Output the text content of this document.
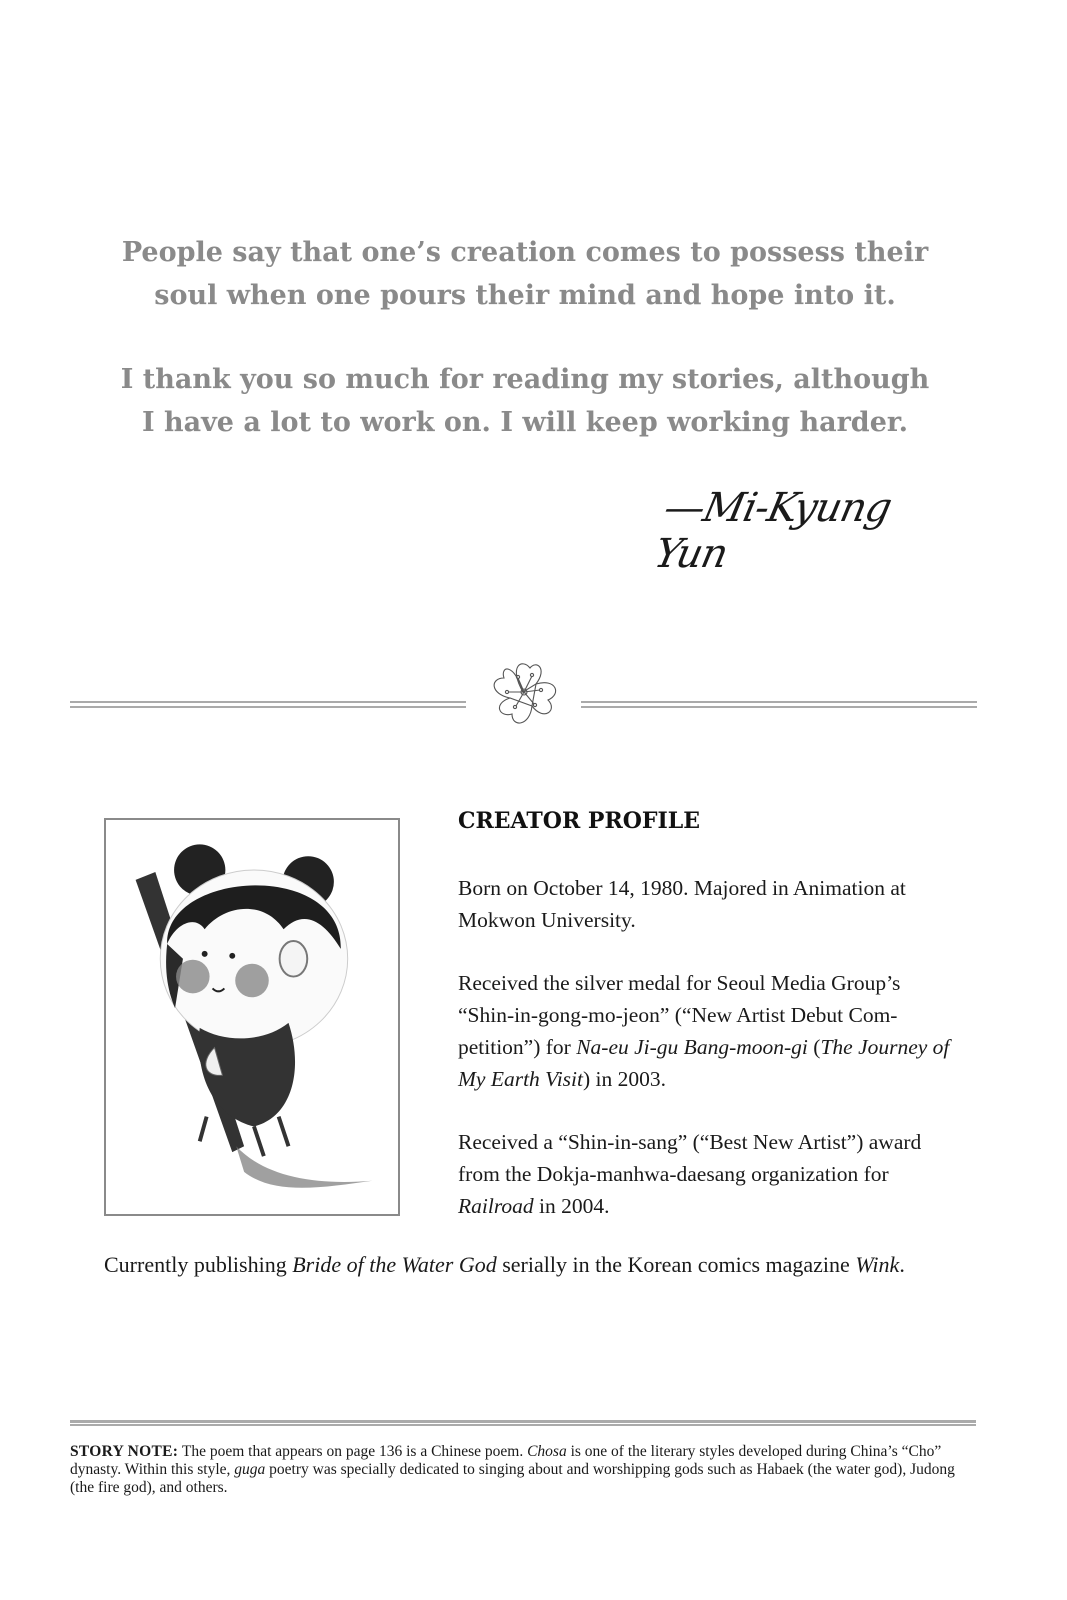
People say that one’s creation comes to possess their
soul when one pours their mind and hope into it.
I thank you so much for reading my stories, although
I have a lot to work on. I will keep working harder.
—Mi-Kyung Yun
CREATOR PROFILE
Born on October 14, 1980. Majored in Animation at Mokwon University.
Received the silver medal for Seoul Media Group’s “Shin-in-gong-mo-jeon” (“New Artist Debut Com-petition”) for Na-eu Ji-gu Bang-moon-gi (The Journey of My Earth Visit) in 2003.
Received a “Shin-in-sang” (“Best New Artist”) award from the Dokja-manhwa-daesang organization for Railroad in 2004.
Currently publishing Bride of the Water God serially in the Korean comics magazine Wink.
STORY NOTE: The poem that appears on page 136 is a Chinese poem. Chosa is one of the literary styles developed during China’s “Cho” dynasty. Within this style, guga poetry was specially dedicated to singing about and worshipping gods such as Habaek (the water god), Judong (the fire god), and others.
